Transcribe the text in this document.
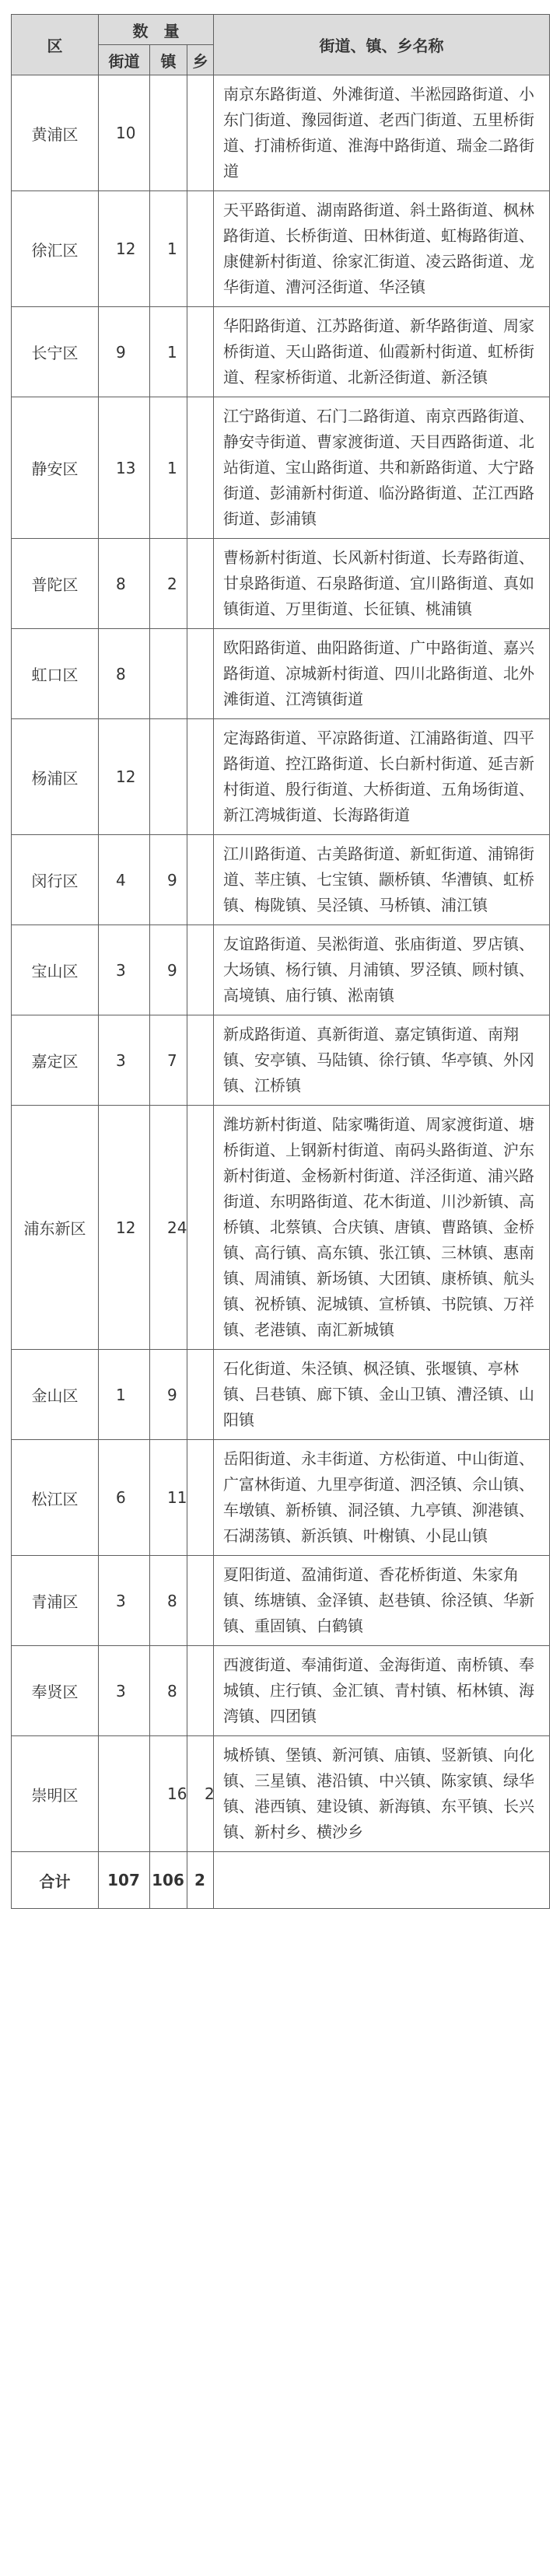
区	数　量			街道、镇、乡名称
	街道	镇	乡	
黄浦区	10			南京东路街道、外滩街道、半淞园路街道、小东门街道、豫园街道、老西门街道、五里桥街道、打浦桥街道、淮海中路街道、瑞金二路街道
徐汇区	12	1		天平路街道、湖南路街道、斜土路街道、枫林路街道、长桥街道、田林街道、虹梅路街道、康健新村街道、徐家汇街道、凌云路街道、龙华街道、漕河泾街道、华泾镇
长宁区	9	1		华阳路街道、江苏路街道、新华路街道、周家桥街道、天山路街道、仙霞新村街道、虹桥街道、程家桥街道、北新泾街道、新泾镇
静安区	13	1		江宁路街道、石门二路街道、南京西路街道、静安寺街道、曹家渡街道、天目西路街道、北站街道、宝山路街道、共和新路街道、大宁路街道、彭浦新村街道、临汾路街道、芷江西路街道、彭浦镇
普陀区	8	2		曹杨新村街道、长风新村街道、长寿路街道、甘泉路街道、石泉路街道、宜川路街道、真如镇街道、万里街道、长征镇、桃浦镇
虹口区	8			欧阳路街道、曲阳路街道、广中路街道、嘉兴路街道、凉城新村街道、四川北路街道、北外滩街道、江湾镇街道
杨浦区	12			定海路街道、平凉路街道、江浦路街道、四平路街道、控江路街道、长白新村街道、延吉新村街道、殷行街道、大桥街道、五角场街道、新江湾城街道、长海路街道
闵行区	4	9		江川路街道、古美路街道、新虹街道、浦锦街道、莘庄镇、七宝镇、颛桥镇、华漕镇、虹桥镇、梅陇镇、吴泾镇、马桥镇、浦江镇
宝山区	3	9		友谊路街道、吴淞街道、张庙街道、罗店镇、大场镇、杨行镇、月浦镇、罗泾镇、顾村镇、高境镇、庙行镇、淞南镇
嘉定区	3	7		新成路街道、真新街道、嘉定镇街道、南翔镇、安亭镇、马陆镇、徐行镇、华亭镇、外冈镇、江桥镇
浦东新区	12	24		潍坊新村街道、陆家嘴街道、周家渡街道、塘桥街道、上钢新村街道、南码头路街道、沪东新村街道、金杨新村街道、洋泾街道、浦兴路街道、东明路街道、花木街道、川沙新镇、高桥镇、北蔡镇、合庆镇、唐镇、曹路镇、金桥镇、高行镇、高东镇、张江镇、三林镇、惠南镇、周浦镇、新场镇、大团镇、康桥镇、航头镇、祝桥镇、泥城镇、宣桥镇、书院镇、万祥镇、老港镇、南汇新城镇
金山区	1	9		石化街道、朱泾镇、枫泾镇、张堰镇、亭林镇、吕巷镇、廊下镇、金山卫镇、漕泾镇、山阳镇
松江区	6	11		岳阳街道、永丰街道、方松街道、中山街道、广富林街道、九里亭街道、泗泾镇、佘山镇、车墩镇、新桥镇、洞泾镇、九亭镇、泖港镇、石湖荡镇、新浜镇、叶榭镇、小昆山镇
青浦区	3	8		夏阳街道、盈浦街道、香花桥街道、朱家角镇、练塘镇、金泽镇、赵巷镇、徐泾镇、华新镇、重固镇、白鹤镇
奉贤区	3	8		西渡街道、奉浦街道、金海街道、南桥镇、奉城镇、庄行镇、金汇镇、青村镇、柘林镇、海湾镇、四团镇
崇明区		16	2	城桥镇、堡镇、新河镇、庙镇、竖新镇、向化镇、三星镇、港沿镇、中兴镇、陈家镇、绿华镇、港西镇、建设镇、新海镇、东平镇、长兴镇、新村乡、横沙乡
合计	107	106	2	
